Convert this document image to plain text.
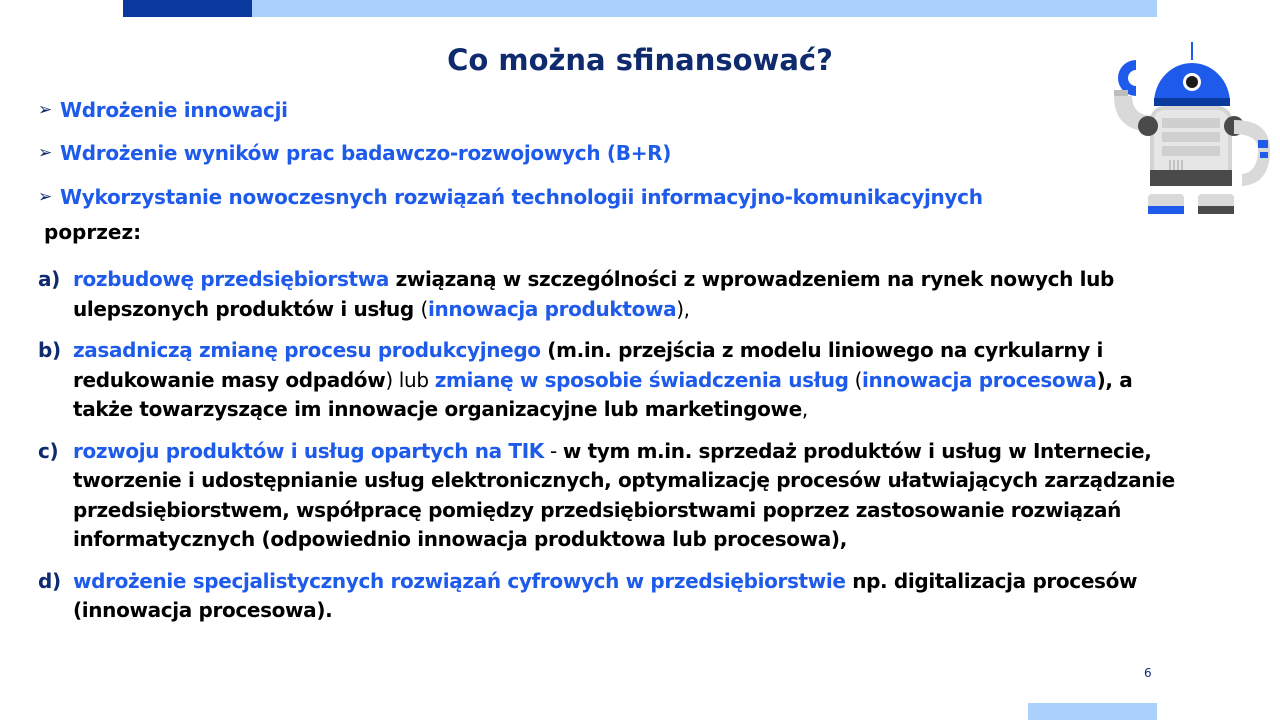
Co można sfinansować?
➢ Wdrożenie innowacji
➢ Wdrożenie wyników prac badawczo-rozwojowych (B+R)
➢ Wykorzystanie nowoczesnych rozwiązań technologii informacyjno-komunikacyjnych
poprzez:
a) rozbudowę przedsiębiorstwa związaną w szczególności z wprowadzeniem na rynek nowych lub ulepszonych produktów i usług (innowacja produktowa),
b) zasadniczą zmianę procesu produkcyjnego (m.in. przejścia z modelu liniowego na cyrkularny i redukowanie masy odpadów) lub zmianę w sposobie świadczenia usług (innowacja procesowa), a także towarzyszące im innowacje organizacyjne lub marketingowe,
c) rozwoju produktów i usług opartych na TIK - w tym m.in. sprzedaż produktów i usług w Internecie, tworzenie i udostępnianie usług elektronicznych, optymalizację procesów ułatwiających zarządzanie przedsiębiorstwem, współpracę pomiędzy przedsiębiorstwami poprzez zastosowanie rozwiązań informatycznych (odpowiednio innowacja produktowa lub procesowa),
d) wdrożenie specjalistycznych rozwiązań cyfrowych w przedsiębiorstwie np. digitalizacja procesów (innowacja procesowa).
6
